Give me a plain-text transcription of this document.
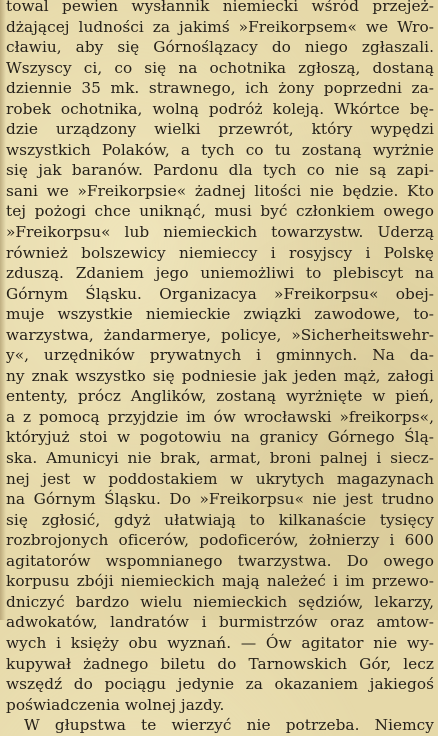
towal pewien wysłannik niemiecki wśród przejeż-
dżającej ludności za jakimś »Freikorpsem« we Wro-
cławiu, aby się Górnoślązacy do niego zgłaszali.
Wszyscy ci, co się na ochotnika zgłoszą, dostaną
dziennie 35 mk. strawnego, ich żony poprzedni za-
robek ochotnika, wolną podróż koleją. Wkórtce bę-
dzie urządzony wielki przewrót, który wypędzi
wszystkich Polaków, a tych co tu zostaną wyrżnie
się jak baranów. Pardonu dla tych co nie są zapi-
sani we »Freikorpsie« żadnej litości nie będzie. Kto
tej pożogi chce uniknąć, musi być członkiem owego
»Freikorpsu« lub niemieckich towarzystw. Uderzą
również bolszewicy niemieccy i rosyjscy i Polskę
zduszą. Zdaniem jego uniemożliwi to plebiscyt na
Górnym Śląsku. Organizacya »Freikorpsu« obej-
muje wszystkie niemieckie związki zawodowe, to-
warzystwa, żandarmerye, policye, »Sicherheitswehr-
y«, urzędników prywatnych i gminnych. Na da-
ny znak wszystko się podniesie jak jeden mąż, załogi
ententy, prócz Anglików, zostaną wyrżnięte w pień,
a z pomocą przyjdzie im ów wrocławski »freikorps«,
któryjuż stoi w pogotowiu na granicy Górnego Ślą-
ska. Amunicyi nie brak, armat, broni palnej i siecz-
nej jest w poddostakiem w ukrytych magazynach
na Górnym Śląsku. Do »Freikorpsu« nie jest trudno
się zgłosić, gdyż ułatwiają to kilkanaście tysięcy
rozbrojonych oficerów, podoficerów, żołnierzy i 600
agitatorów wspomnianego twarzystwa. Do owego
korpusu zbóji niemieckich mają należeć i im przewo-
dniczyć bardzo wielu niemieckich sędziów, lekarzy,
adwokatów, landratów i burmistrzów oraz amtow-
wych i księży obu wyznań. — Ów agitator nie wy-
kupywał żadnego biletu do Tarnowskich Gór, lecz
wszędź do pociągu jedynie za okazaniem jakiegoś
poświadczenia wolnej jazdy.
W głupstwa te wierzyć nie potrzeba. Niemcy
